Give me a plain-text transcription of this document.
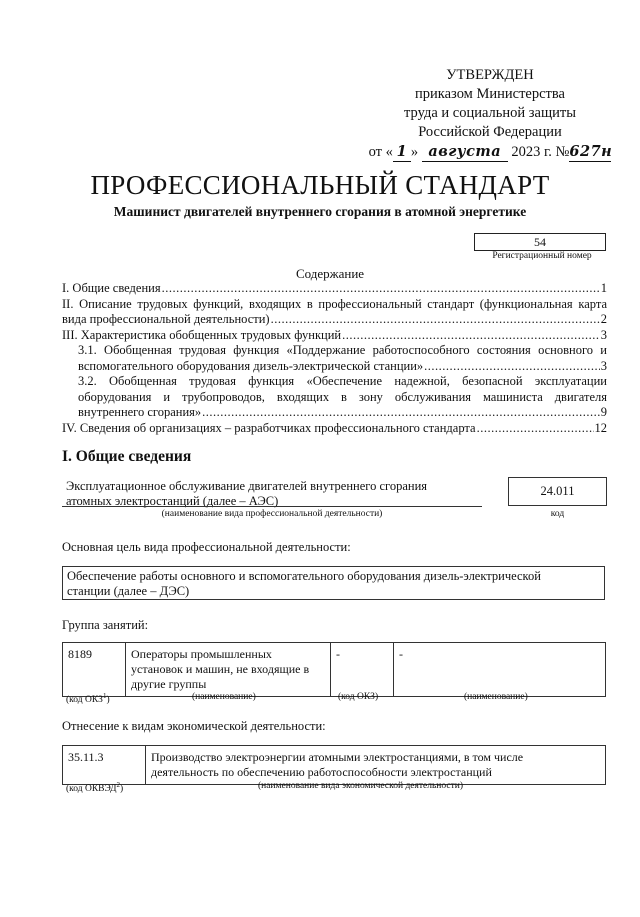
УТВЕРЖДЕН
приказом Министерства
труда и социальной защиты
Российской Федерации
от « 1 » августа 2023 г. №627н
ПРОФЕССИОНАЛЬНЫЙ СТАНДАРТ
Машинист двигателей внутреннего сгорания в атомной энергетике
54
Регистрационный номер
Содержание
I. Общие сведения .....	1
II. Описание трудовых функций, входящих в профессиональный стандарт (функциональная карта
вида профессиональной деятельности) .....	2
III. Характеристика обобщенных трудовых функций .....	3
3.1. Обобщенная трудовая функция «Поддержание работоспособного состояния основного и
вспомогательного оборудования дизель-электрической станции» .....	3
3.2. Обобщенная трудовая функция «Обеспечение надежной, безопасной эксплуатации
оборудования и трубопроводов, входящих в зону обслуживания машиниста двигателя
внутреннего сгорания» .....	9
IV. Сведения об организациях – разработчиках профессионального стандарта .....	12
I. Общие сведения
Эксплуатационное обслуживание двигателей внутреннего сгорания
атомных электростанций (далее – АЭС)
(наименование вида профессиональной деятельности)
24.011
код
Основная цель вида профессиональной деятельности:
Обеспечение работы основного и вспомогательного оборудования дизель-электрической
станции (далее – ДЭС)
Группа занятий:
8189	Операторы промышленных
установок и машин, не входящие в
другие группы
	-	-
(код ОКЗ$^1$)	(наименование)	(код ОКЗ)	(наименование)
Отнесение к видам экономической деятельности:
35.11.3	Производство электроэнергии атомными электростанциями, в том числе
деятельность по обеспечению работоспособности электростанций
(код ОКВЭД$^2$)	(наименование вида экономической деятельности)
